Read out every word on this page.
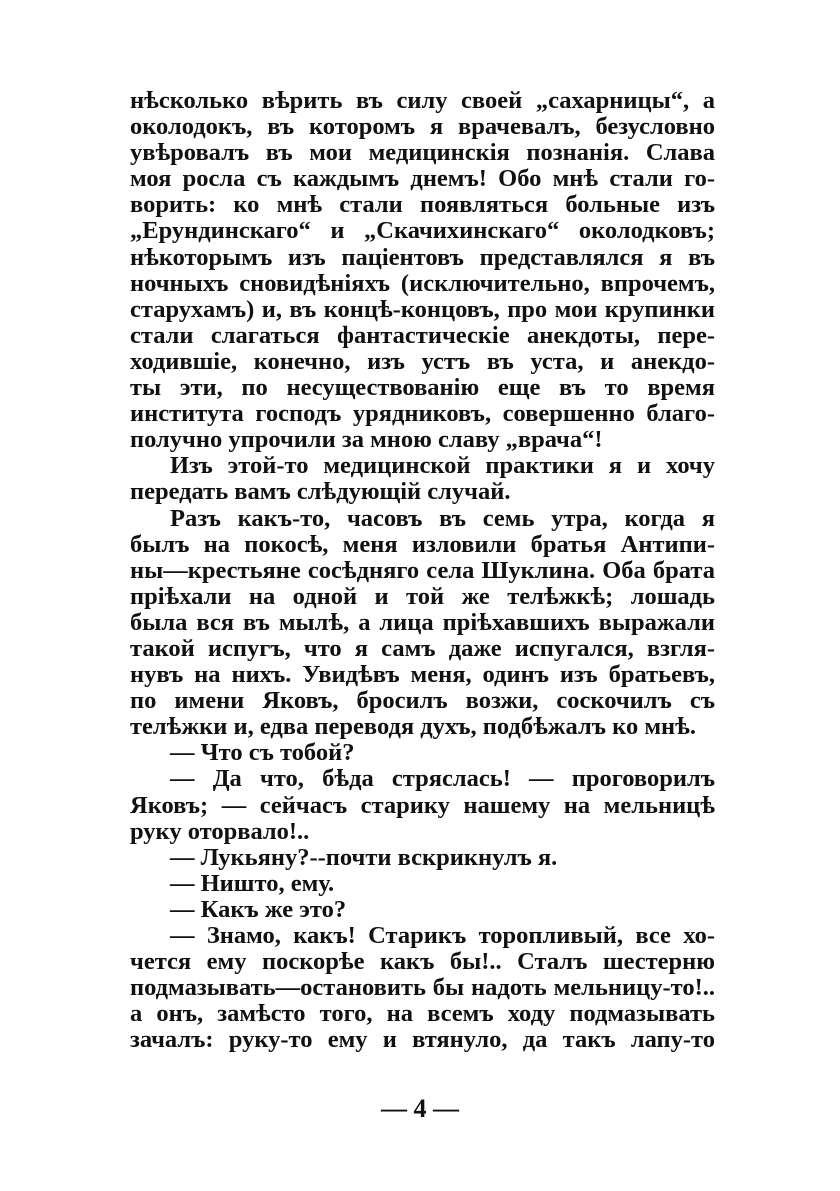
нѣсколько вѣрить въ силу своей „сахарницы“, а
околодокъ, въ которомъ я врачевалъ, безусловно
увѣровалъ въ мои медицинскія познанія. Слава
моя росла съ каждымъ днемъ! Обо мнѣ стали го-
ворить: ко мнѣ стали появляться больные изъ
„Ерундинскаго“ и „Скачихинскаго“ околодковъ;
нѣкоторымъ изъ паціентовъ представлялся я въ
ночныхъ сновидѣніяхъ (исключительно, впрочемъ,
старухамъ) и, въ концѣ-концовъ, про мои крупинки
стали слагаться фантастическіе анекдоты, пере-
ходившіе, конечно, изъ устъ въ уста, и анекдо-
ты эти, по несуществованію еще въ то время
института господъ урядниковъ, совершенно благо-
получно упрочили за мною славу „врача“!
Изъ этой-то медицинской практики я и хочу
передать вамъ слѣдующій случай.
Разъ какъ-то, часовъ въ семь утра, когда я
былъ на покосѣ, меня изловили братья Антипи-
ны—крестьяне сосѣдняго села Шуклина. Оба брата
пріѣхали на одной и той же телѣжкѣ; лошадь
была вся въ мылѣ, а лица пріѣхавшихъ выражали
такой испугъ, что я самъ даже испугался, взгля-
нувъ на нихъ. Увидѣвъ меня, одинъ изъ братьевъ,
по имени Яковъ, бросилъ возжи, соскочилъ съ
телѣжки и, едва переводя духъ, подбѣжалъ ко мнѣ.
— Что съ тобой?
— Да что, бѣда стряслась! — проговорилъ
Яковъ; — сейчасъ старику нашему на мельницѣ
руку оторвало!..
— Лукьяну?--почти вскрикнулъ я.
— Ништо, ему.
— Какъ же это?
— Знамо, какъ! Старикъ торопливый, все хо-
чется ему поскорѣе какъ бы!.. Сталъ шестерню
подмазывать—остановить бы надоть мельницу-то!..
а онъ, замѣсто того, на всемъ ходу подмазывать
зачалъ: руку-то ему и втянуло, да такъ лапу-то
— 4 —
